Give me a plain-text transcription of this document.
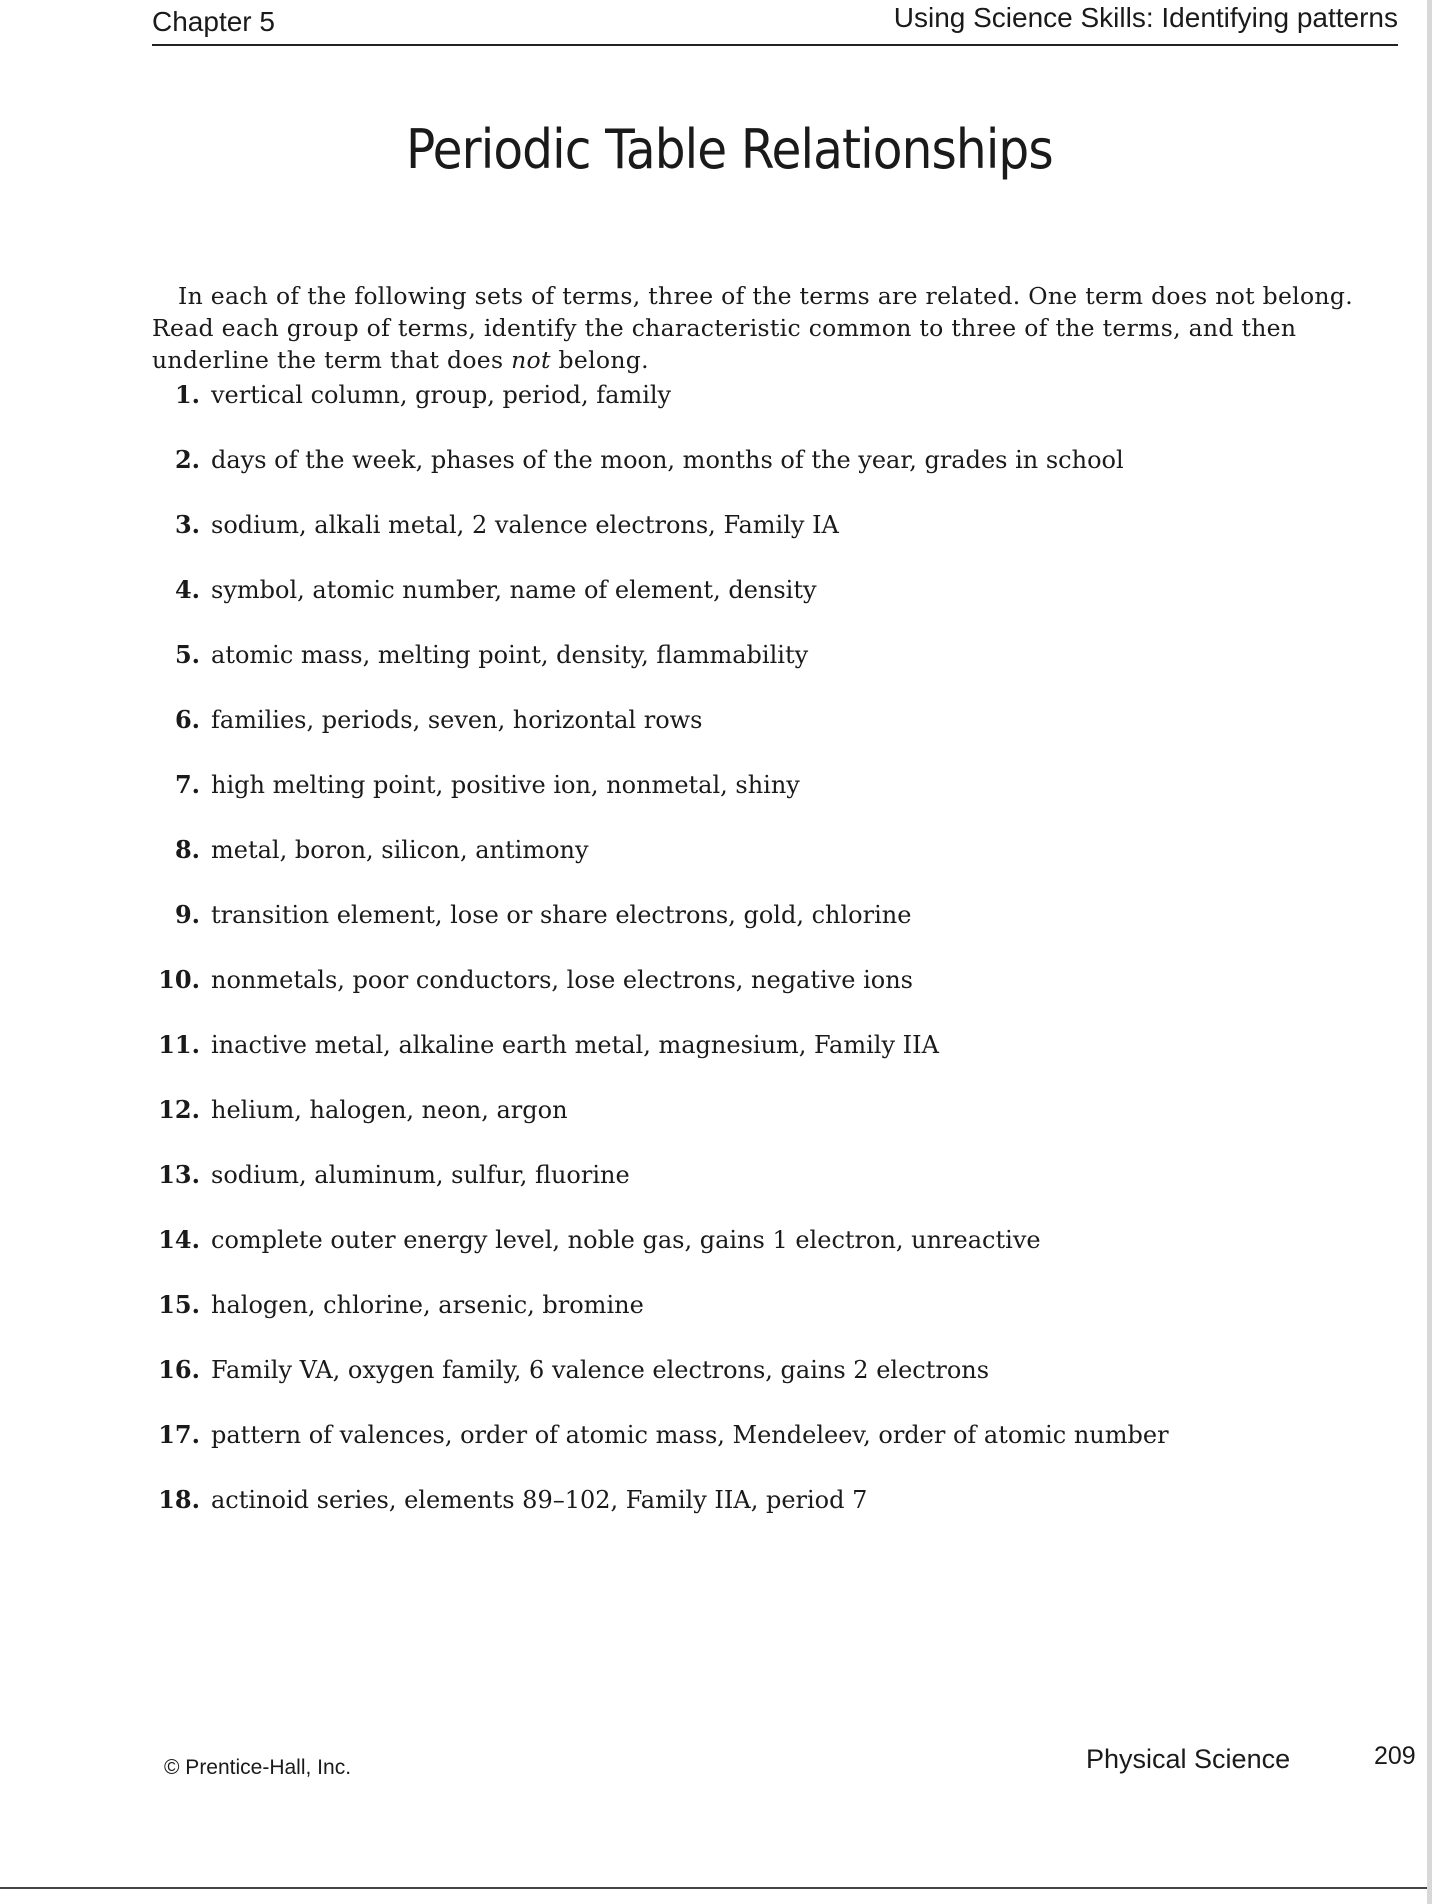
Chapter 5	Using Science Skills: Identifying patterns
Periodic Table Relationships

In each of the following sets of terms, three of the terms are related. One term does not belong. Read each group of terms, identify the characteristic common to three of the terms, and then underline the term that does not belong.

1. vertical column, group, period, family
2. days of the week, phases of the moon, months of the year, grades in school
3. sodium, alkali metal, 2 valence electrons, Family IA
4. symbol, atomic number, name of element, density
5. atomic mass, melting point, density, flammability
6. families, periods, seven, horizontal rows
7. high melting point, positive ion, nonmetal, shiny
8. metal, boron, silicon, antimony
9. transition element, lose or share electrons, gold, chlorine
10. nonmetals, poor conductors, lose electrons, negative ions
11. inactive metal, alkaline earth metal, magnesium, Family IIA
12. helium, halogen, neon, argon
13. sodium, aluminum, sulfur, fluorine
14. complete outer energy level, noble gas, gains 1 electron, unreactive
15. halogen, chlorine, arsenic, bromine
16. Family VA, oxygen family, 6 valence electrons, gains 2 electrons
17. pattern of valences, order of atomic mass, Mendeleev, order of atomic number
18. actinoid series, elements 89–102, Family IIA, period 7
© Prentice-Hall, Inc.	Physical Science	209
